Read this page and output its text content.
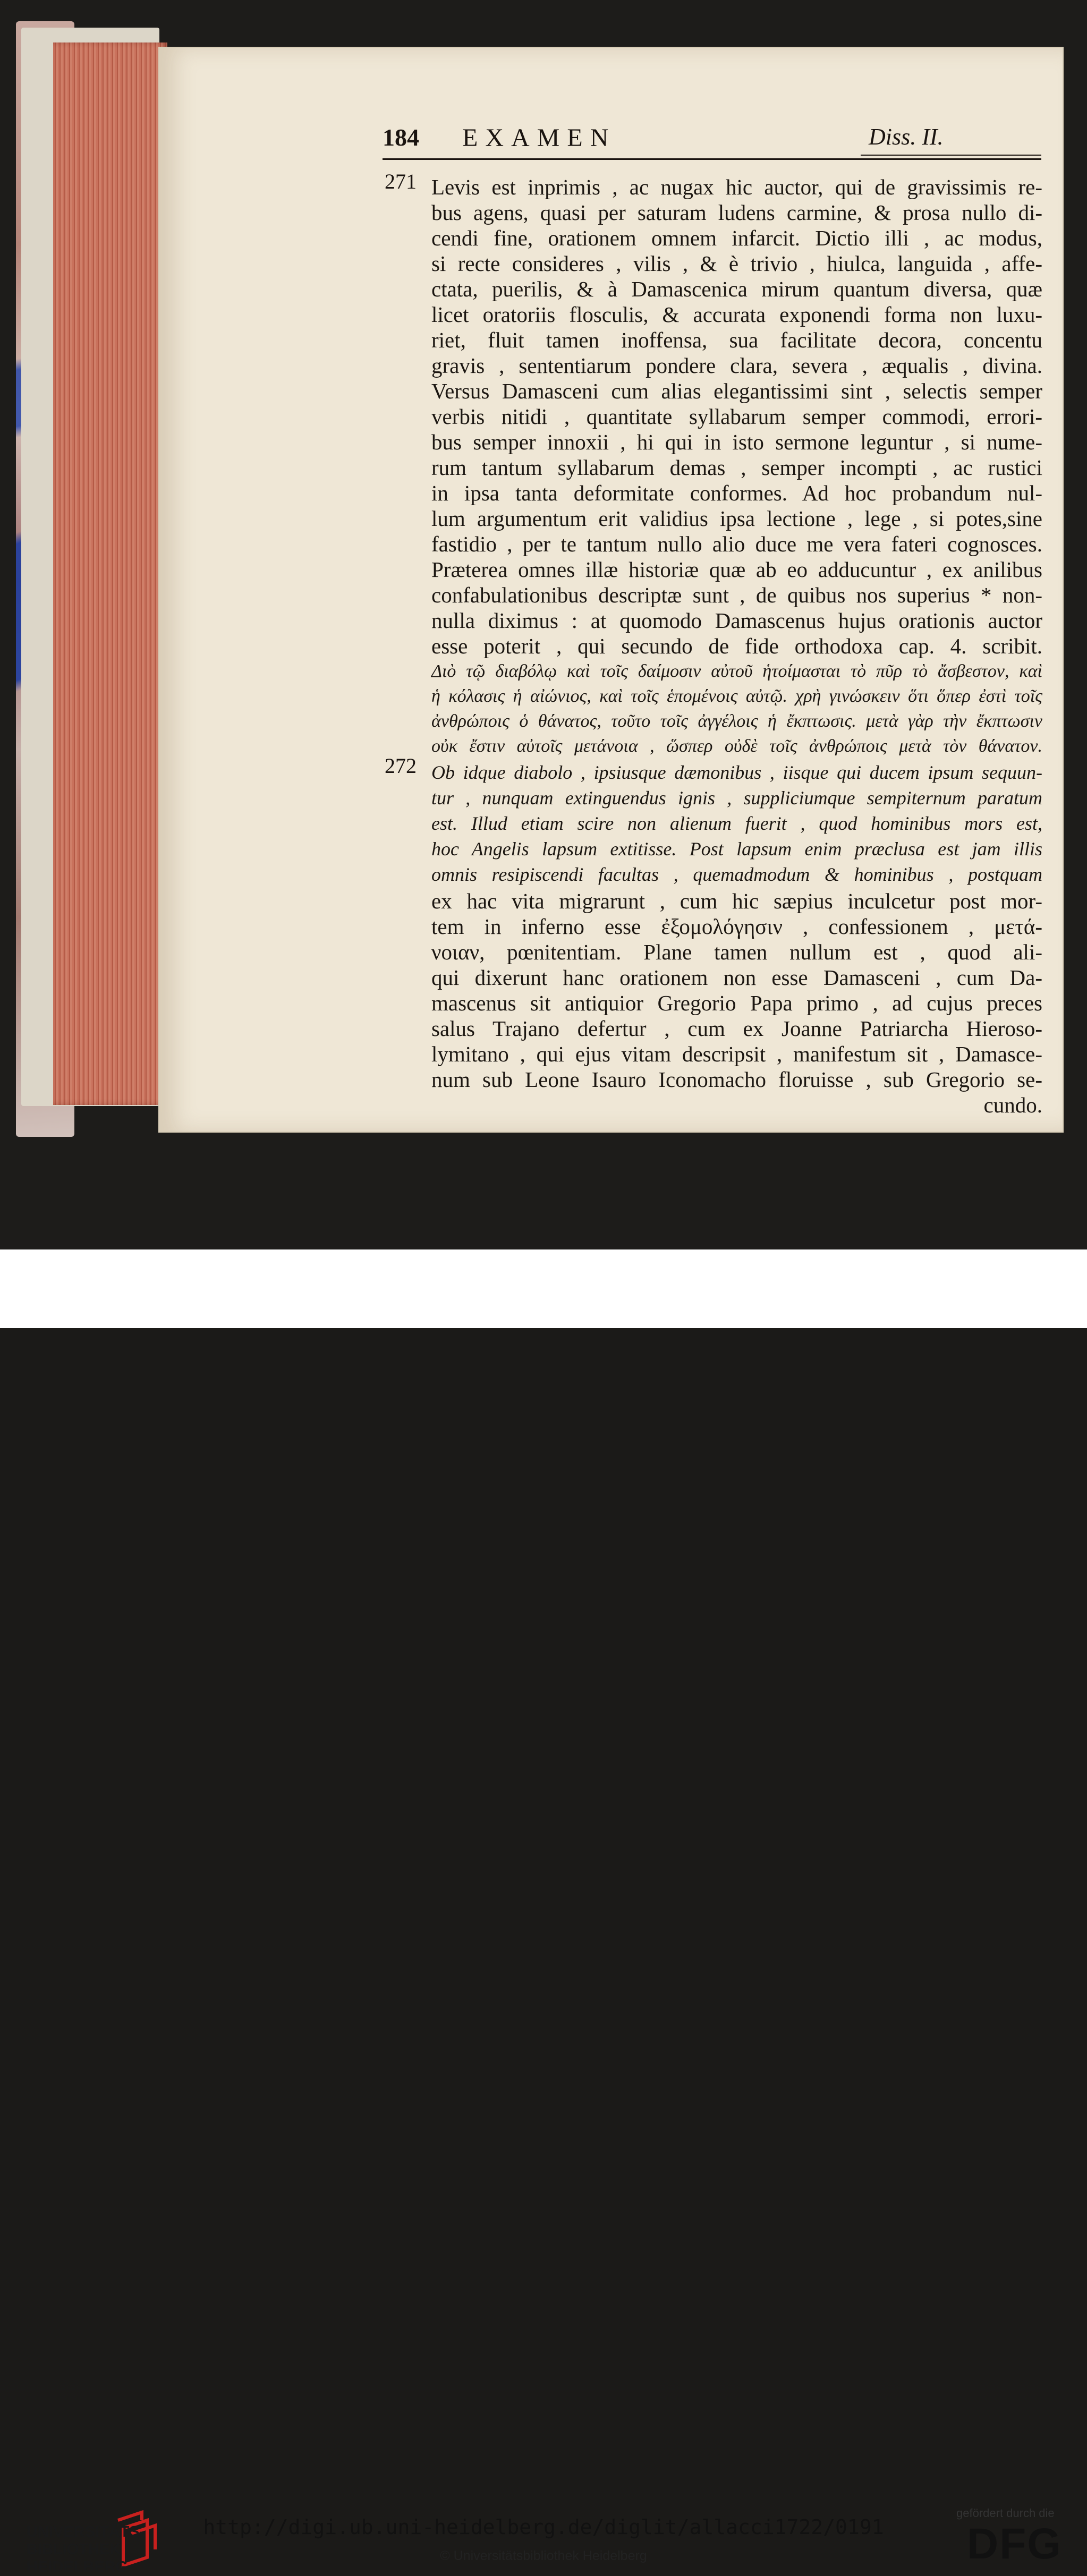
184 EXAMEN	Diss. II.
271
272
Levis est inprimis , ac nugax hic auctor, qui de gravissimis re-
bus agens, quasi per saturam ludens carmine, & prosa nullo di-
cendi fine, orationem omnem infarcit. Dictio illi , ac modus,
si recte consideres , vilis , & è trivio , hiulca, languida , affe-
ctata, puerilis, & à Damascenica mirum quantum diversa, quæ
licet oratoriis flosculis, & accurata exponendi forma non luxu-
riet, fluit tamen inoffensa, sua facilitate decora, concentu
gravis , sententiarum pondere clara, severa , æqualis , divina.
Versus Damasceni cum alias elegantissimi sint , selectis semper
verbis nitidi , quantitate syllabarum semper commodi, errori-
bus semper innoxii , hi qui in isto sermone leguntur , si nume-
rum tantum syllabarum demas , semper incompti , ac rustici
in ipsa tanta deformitate conformes. Ad hoc probandum nul-
lum argumentum erit validius ipsa lectione , lege , si potes,sine
fastidio , per te tantum nullo alio duce me vera fateri cognosces.
Præterea omnes illæ historiæ quæ ab eo adducuntur , ex anilibus
confabulationibus descriptæ sunt , de quibus nos superius * non-
nulla diximus : at quomodo Damascenus hujus orationis auctor
esse poterit , qui secundo de fide orthodoxa cap. 4. scribit.
Διὸ τῷ διαβόλῳ καὶ τοῖς δαίμοσιν αὐτοῦ ἡτοίμασται τὸ πῦρ τὸ ἄσβεστον, καὶ
ἡ κόλασις ἡ αἰώνιος, καὶ τοῖς ἑπομένοις αὐτῷ. χρὴ γινώσκειν ὅτι ὅπερ ἐστὶ τοῖς
ἀνθρώποις ὁ θάνατος, τοῦτο τοῖς ἀγγέλοις ἡ ἔκπτωσις. μετὰ γὰρ τὴν ἔκπτωσιν
οὐκ ἔστιν αὐτοῖς μετάνοια , ὥσπερ οὐδὲ τοῖς ἀνθρώποις μετὰ τὸν θάνατον.
Ob idque diabolo , ipsiusque dæmonibus , iisque qui ducem ipsum sequun-
tur , nunquam extinguendus ignis , suppliciumque sempiternum paratum
est. Illud etiam scire non alienum fuerit , quod hominibus mors est,
hoc Angelis lapsum extitisse. Post lapsum enim præclusa est jam illis
omnis resipiscendi facultas , quemadmodum & hominibus , postquam
ex hac vita migrarunt , cum hic sæpius inculcetur post mor-
tem in inferno esse ἐξομολόγησιν , confessionem , μετά-
νοιαν, pœnitentiam. Plane tamen nullum est , quod ali-
qui dixerunt hanc orationem non esse Damasceni , cum Da-
mascenus sit antiquior Gregorio Papa primo , ad cujus preces
salus Trajano defertur , cum ex Joanne Patriarcha Hieroso-
lymitano , qui ejus vitam descripsit , manifestum sit , Damasce-
num sub Leone Isauro Iconomacho floruisse , sub Gregorio se-
cundo.
UNIVERSITÄTS-
BIBLIOTHEK
HEIDELBERG
http://digi.ub.uni-heidelberg.de/diglit/allacci1722/0191
© Universitätsbibliothek Heidelberg
gefördert durch die
DFG
